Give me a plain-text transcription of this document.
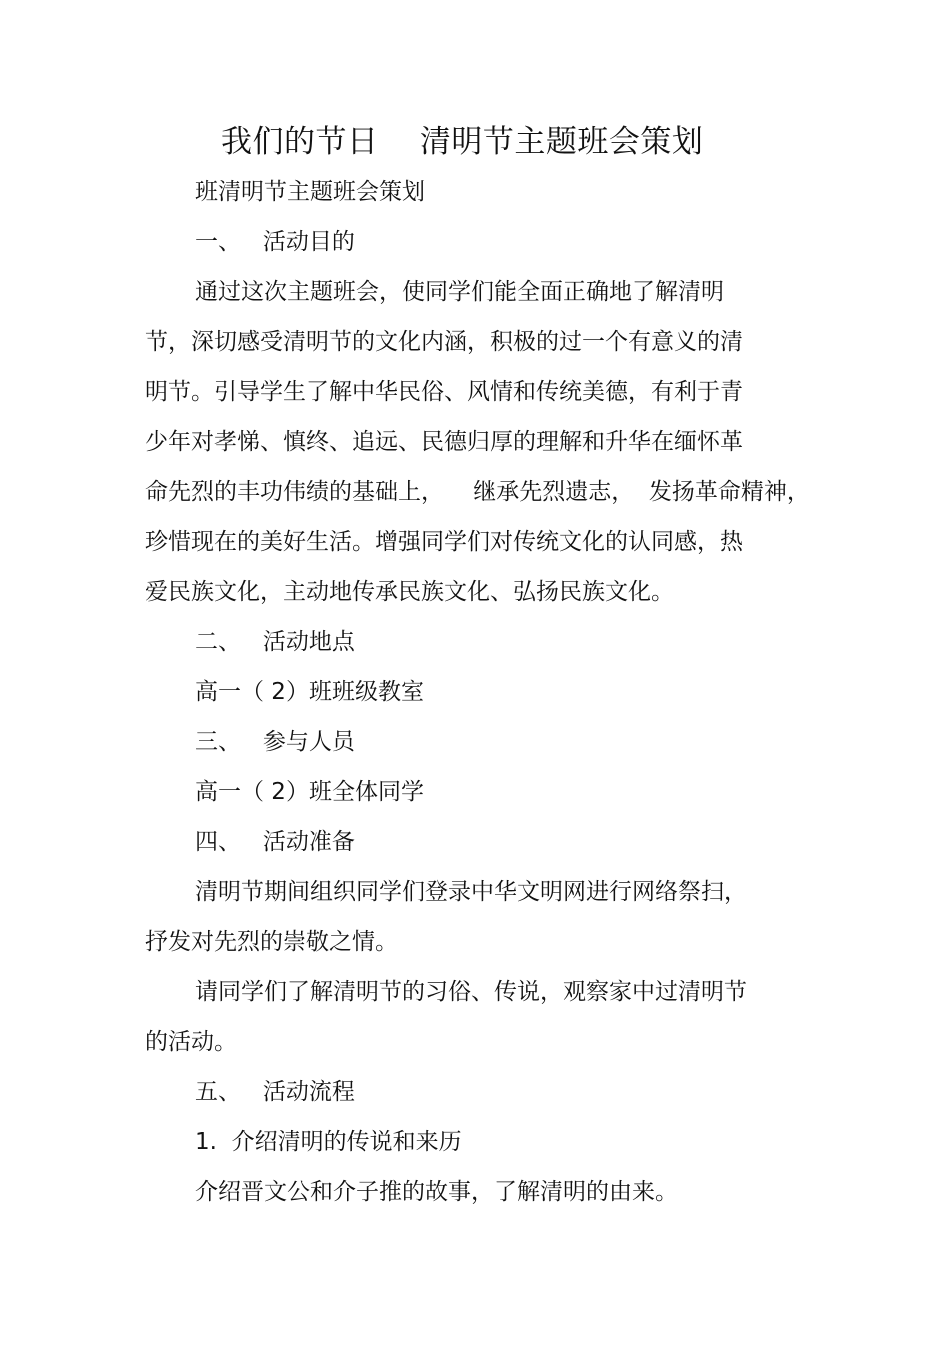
我们的节日    清明节主题班会策划
班清明节主题班会策划
一、   活动目的
通过这次主题班会，使同学们能全面正确地了解清明
节，深切感受清明节的文化内涵，积极的过一个有意义的清
明节。引导学生了解中华民俗、风情和传统美德，有利于青
少年对孝悌、慎终、追远、民德归厚的理解和升华在缅怀革
命先烈的丰功伟绩的基础上，    继承先烈遗志，  发扬革命精神，
珍惜现在的美好生活。增强同学们对传统文化的认同感，热
爱民族文化，主动地传承民族文化、弘扬民族文化。
二、   活动地点
高一（ 2）班班级教室
三、   参与人员
高一（ 2）班全体同学
四、   活动准备
清明节期间组织同学们登录中华文明网进行网络祭扫，
抒发对先烈的崇敬之情。
请同学们了解清明节的习俗、传说，观察家中过清明节
的活动。
五、   活动流程
1.  介绍清明的传说和来历
介绍晋文公和介子推的故事，了解清明的由来。
